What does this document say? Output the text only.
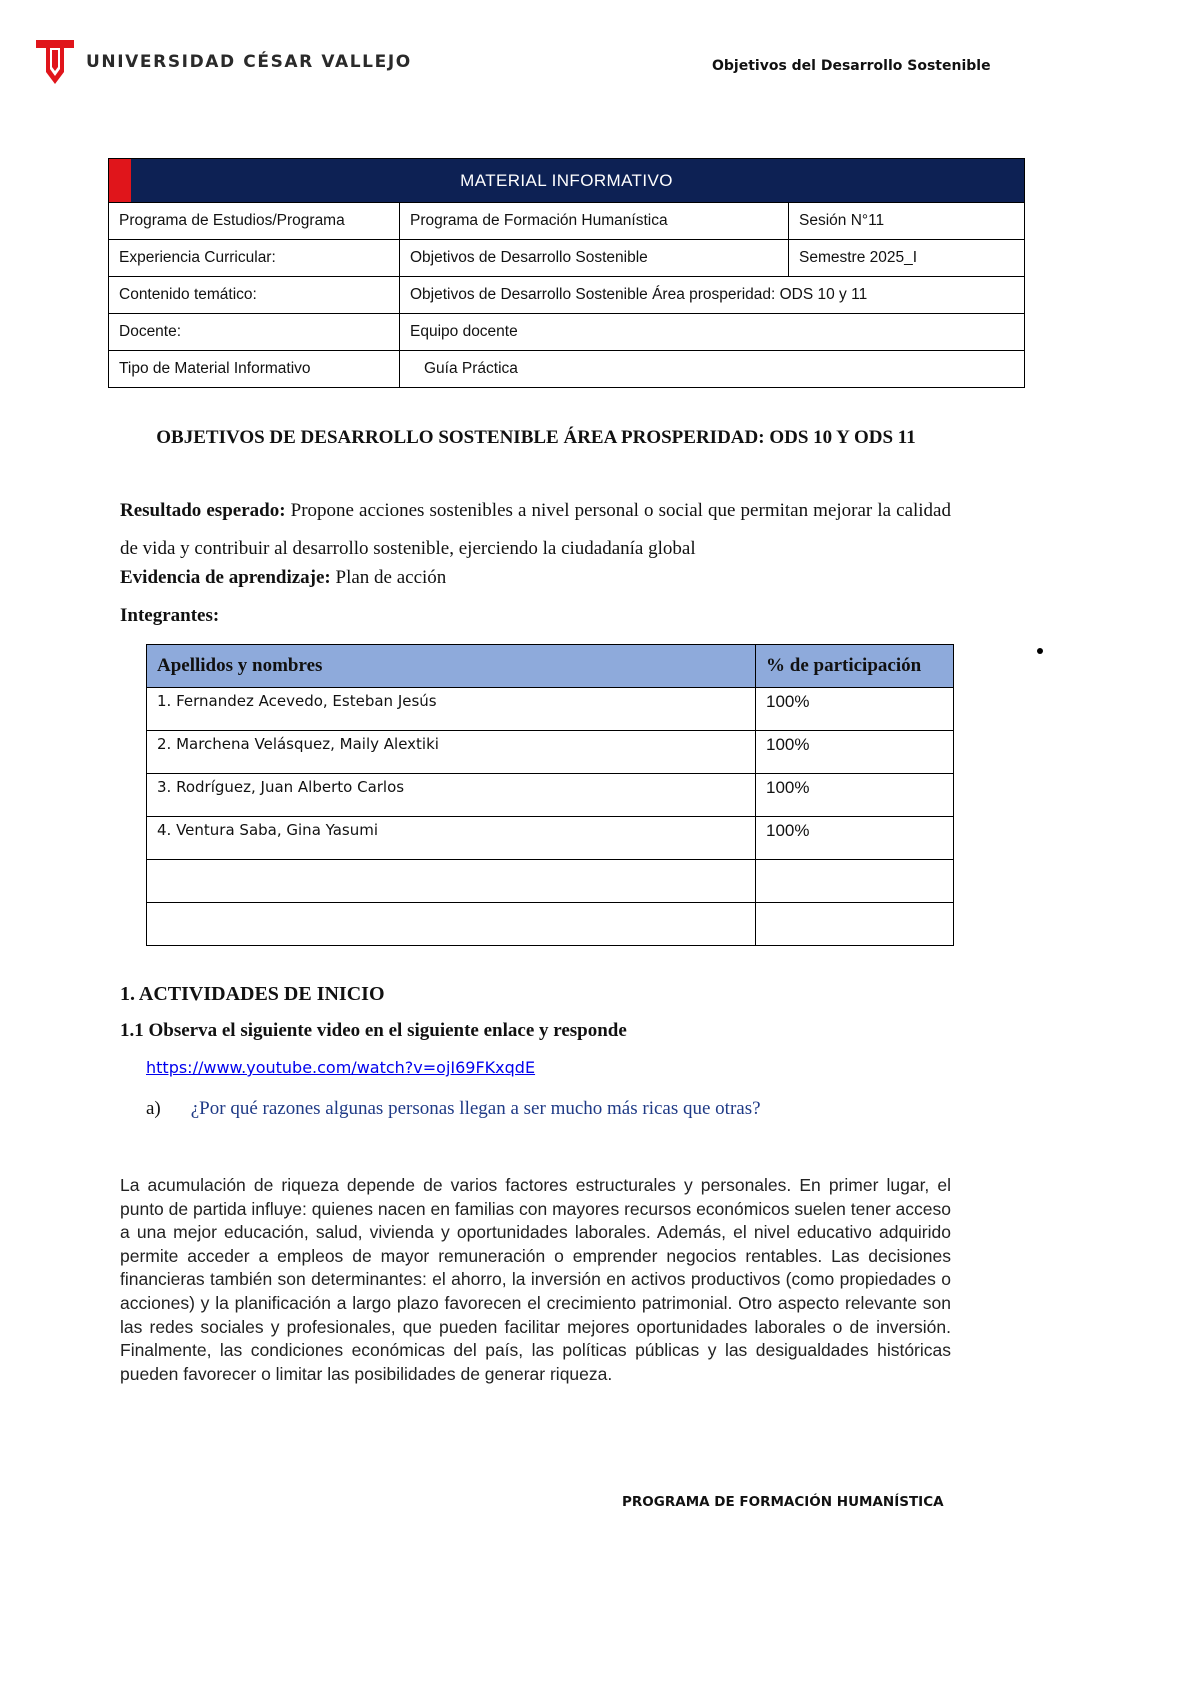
UNIVERSIDAD CÉSAR VALLEJO	Objetivos del Desarrollo Sostenible
MATERIAL INFORMATIVO		
Programa de Estudios/Programa	Programa de Formación Humanística	Sesión N°11
Experiencia Curricular:	Objetivos de Desarrollo Sostenible	Semestre 2025_I
Contenido temático:	Objetivos de Desarrollo Sostenible Área prosperidad: ODS 10 y 11	
Docente:	Equipo docente	
Tipo de Material Informativo	Guía Práctica	
OBJETIVOS DE DESARROLLO SOSTENIBLE ÁREA PROSPERIDAD: ODS 10 Y ODS 11
Resultado esperado: Propone acciones sostenibles a nivel personal o social que permitan mejorar la calidad de vida y contribuir al desarrollo sostenible, ejerciendo la ciudadanía global
Evidencia de aprendizaje: Plan de acción
Integrantes:
Apellidos y nombres	% de participación
1. Fernandez Acevedo, Esteban Jesús	100%
2. Marchena Velásquez, Maily Alextiki	100%
3. Rodríguez, Juan Alberto Carlos	100%
4. Ventura Saba, Gina Yasumi	100%

1. ACTIVIDADES DE INICIO
1.1 Observa el siguiente video en el siguiente enlace y responde
https://www.youtube.com/watch?v=ojI69FKxqdE
a) ¿Por qué razones algunas personas llegan a ser mucho más ricas que otras?
La acumulación de riqueza depende de varios factores estructurales y personales. En primer lugar, el punto de partida influye: quienes nacen en familias con mayores recursos económicos suelen tener acceso a una mejor educación, salud, vivienda y oportunidades laborales. Además, el nivel educativo adquirido permite acceder a empleos de mayor remuneración o emprender negocios rentables. Las decisiones financieras también son determinantes: el ahorro, la inversión en activos productivos (como propiedades o acciones) y la planificación a largo plazo favorecen el crecimiento patrimonial. Otro aspecto relevante son las redes sociales y profesionales, que pueden facilitar mejores oportunidades laborales o de inversión. Finalmente, las condiciones económicas del país, las políticas públicas y las desigualdades históricas pueden favorecer o limitar las posibilidades de generar riqueza.
PROGRAMA DE FORMACIÓN HUMANÍSTICA
